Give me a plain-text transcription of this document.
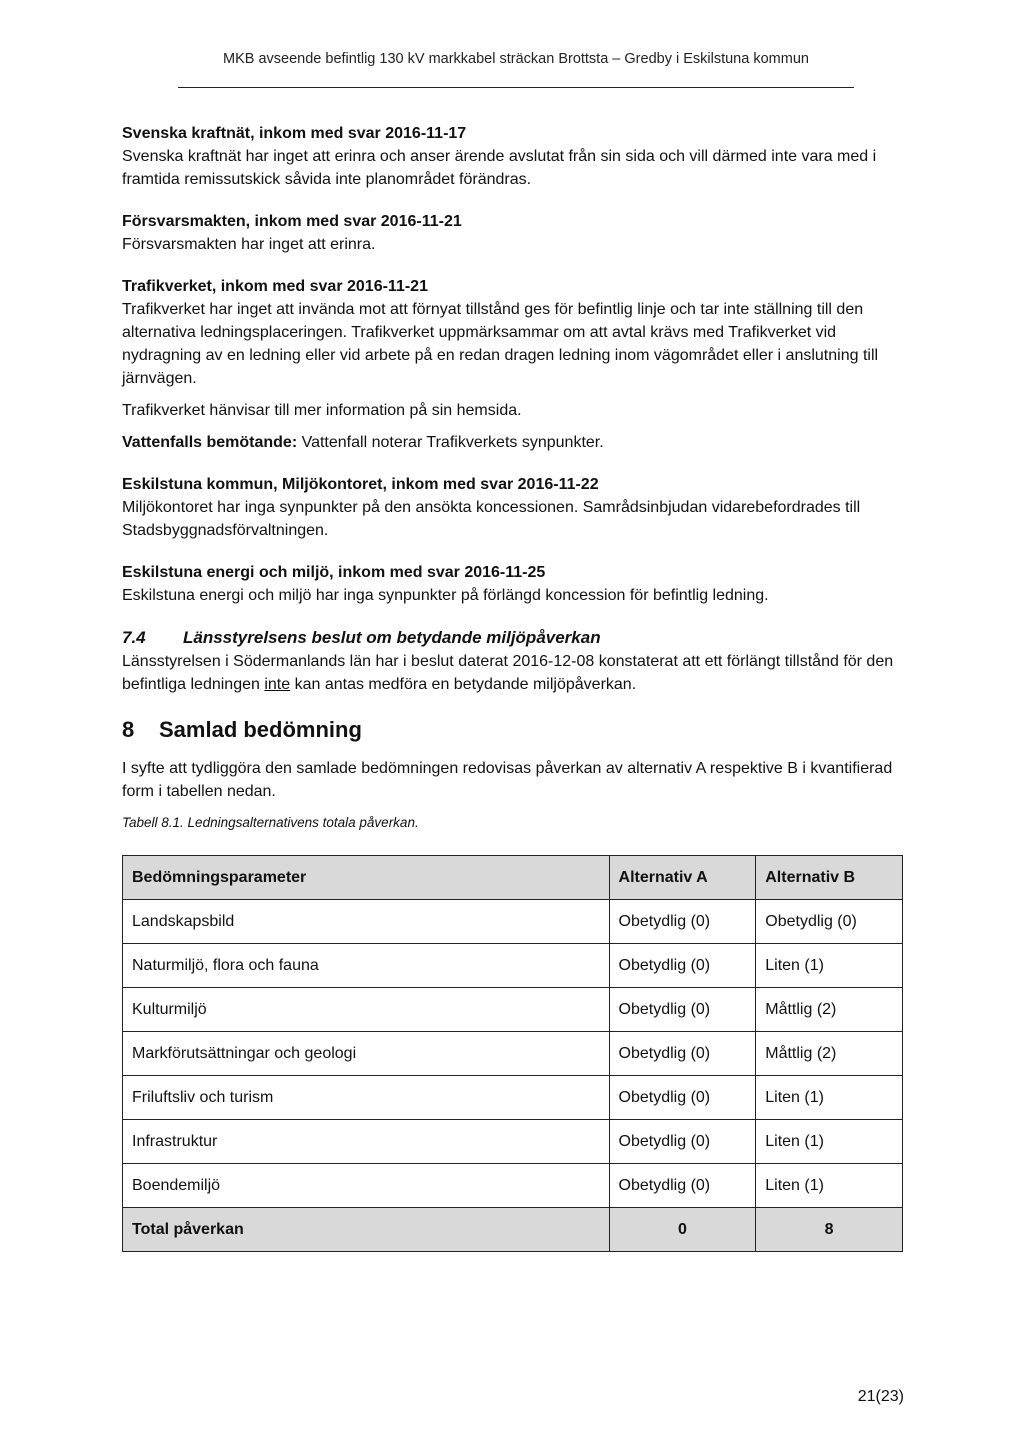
MKB avseende befintlig 130 kV markkabel sträckan Brottsta – Gredby i Eskilstuna kommun

Svenska kraftnät, inkom med svar 2016-11-17

Svenska kraftnät har inget att erinra och anser ärende avslutat från sin sida och vill därmed inte vara med i framtida remissutskick såvida inte planområdet förändras.

Försvarsmakten, inkom med svar 2016-11-21

Försvarsmakten har inget att erinra.

Trafikverket, inkom med svar 2016-11-21

Trafikverket har inget att invända mot att förnyat tillstånd ges för befintlig linje och tar inte ställning till den alternativa ledningsplaceringen. Trafikverket uppmärksammar om att avtal krävs med Trafikverket vid nydragning av en ledning eller vid arbete på en redan dragen ledning inom vägområdet eller i anslutning till järnvägen.

Trafikverket hänvisar till mer information på sin hemsida.

Vattenfalls bemötande: Vattenfall noterar Trafikverkets synpunkter.

Eskilstuna kommun, Miljökontoret, inkom med svar 2016-11-22

Miljökontoret har inga synpunkter på den ansökta koncessionen. Samrådsinbjudan vidarebefordrades till Stadsbyggnadsförvaltningen.

Eskilstuna energi och miljö, inkom med svar 2016-11-25

Eskilstuna energi och miljö har inga synpunkter på förlängd koncession för befintlig ledning.

7.4	Länsstyrelsens beslut om betydande miljöpåverkan

Länsstyrelsen i Södermanlands län har i beslut daterat 2016-12-08 konstaterat att ett förlängt tillstånd för den befintliga ledningen inte kan antas medföra en betydande miljöpåverkan.

8	Samlad bedömning

I syfte att tydliggöra den samlade bedömningen redovisas påverkan av alternativ A respektive B i kvantifierad form i tabellen nedan.

Tabell 8.1. Ledningsalternativens totala påverkan.

Bedömningsparameter	Alternativ A	Alternativ B
Landskapsbild	Obetydlig (0)	Obetydlig (0)
Naturmiljö, flora och fauna	Obetydlig (0)	Liten (1)
Kulturmiljö	Obetydlig (0)	Måttlig (2)
Markförutsättningar och geologi	Obetydlig (0)	Måttlig (2)
Friluftsliv och turism	Obetydlig (0)	Liten (1)
Infrastruktur	Obetydlig (0)	Liten (1)
Boendemiljö	Obetydlig (0)	Liten (1)
Total påverkan	0	8
21(23)
